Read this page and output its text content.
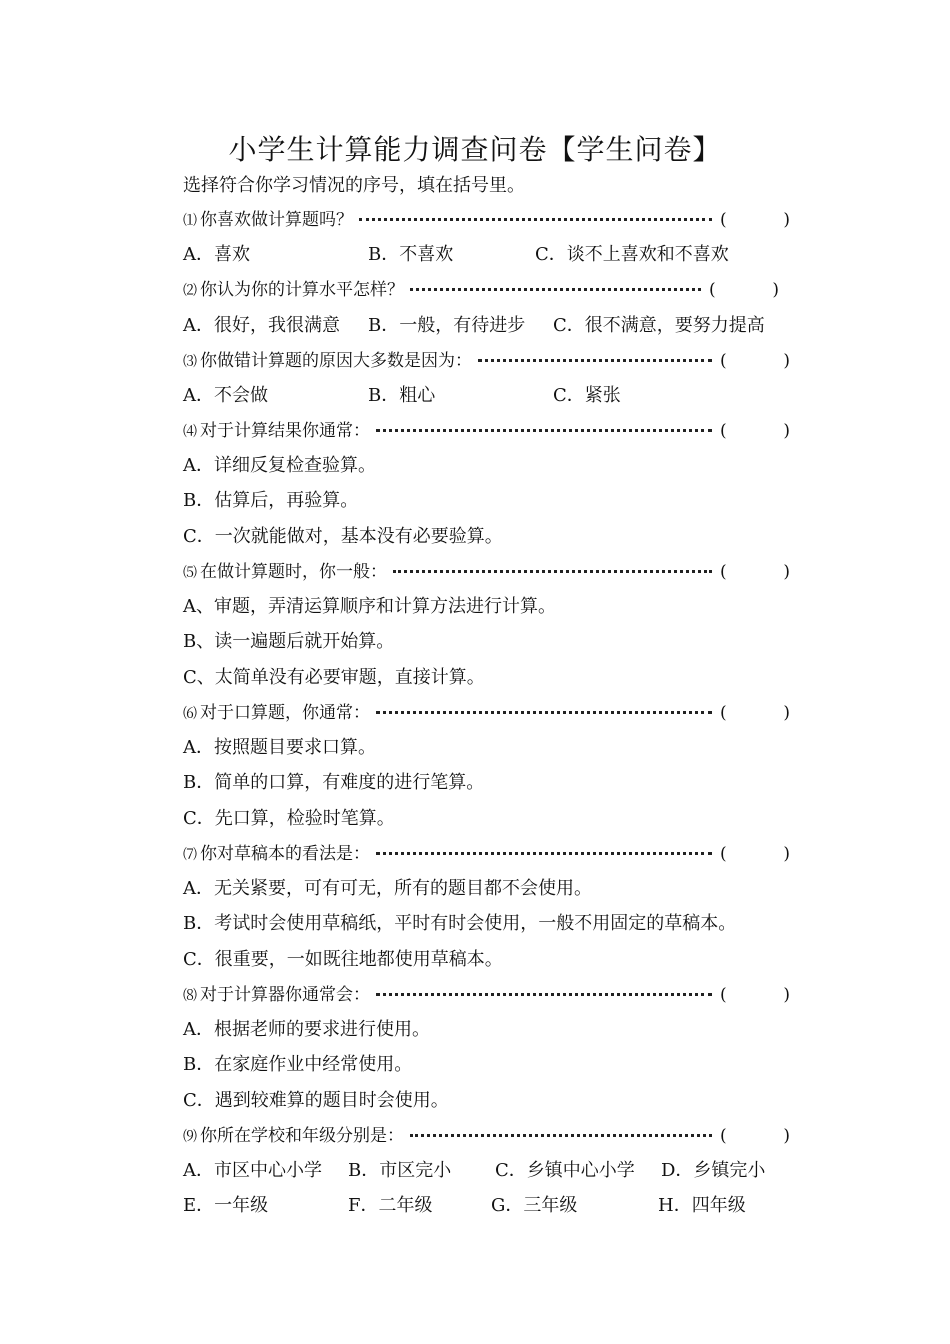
小学生计算能力调查问卷【学生问卷】
选择符合你学习情况的序号，填在括号里。
⑴ 你喜欢做计算题吗？	(	)
A．喜欢	B．不喜欢	C．谈不上喜欢和不喜欢
⑵ 你认为你的计算水平怎样？	(	)
A．很好，我很满意 B．一般，有待进步 C．很不满意，要努力提高
⑶ 你做错计算题的原因大多数是因为：	(	)
A．不会做	B．粗心	C．紧张
⑷ 对于计算结果你通常：	(	)
A．详细反复检查验算。
B．估算后，再验算。
C．一次就能做对，基本没有必要验算。
⑸ 在做计算题时，你一般：	(	)
A、审题，弄清运算顺序和计算方法进行计算。
B、读一遍题后就开始算。
C、太简单没有必要审题，直接计算。
⑹ 对于口算题，你通常：	(	)
A．按照题目要求口算。
B．简单的口算，有难度的进行笔算。
C．先口算，检验时笔算。
⑺ 你对草稿本的看法是：	(	)
A．无关紧要，可有可无，所有的题目都不会使用。
B．考试时会使用草稿纸，平时有时会使用，一般不用固定的草稿本。
C．很重要，一如既往地都使用草稿本。
⑻ 对于计算器你通常会：	(	)
A．根据老师的要求进行使用。
B．在家庭作业中经常使用。
C．遇到较难算的题目时会使用。
⑼ 你所在学校和年级分别是：	(	)
A．市区中心小学 B．市区完小 C．乡镇中心小学 D．乡镇完小
E．一年级	F．二年级	G．三年级	H．四年级
